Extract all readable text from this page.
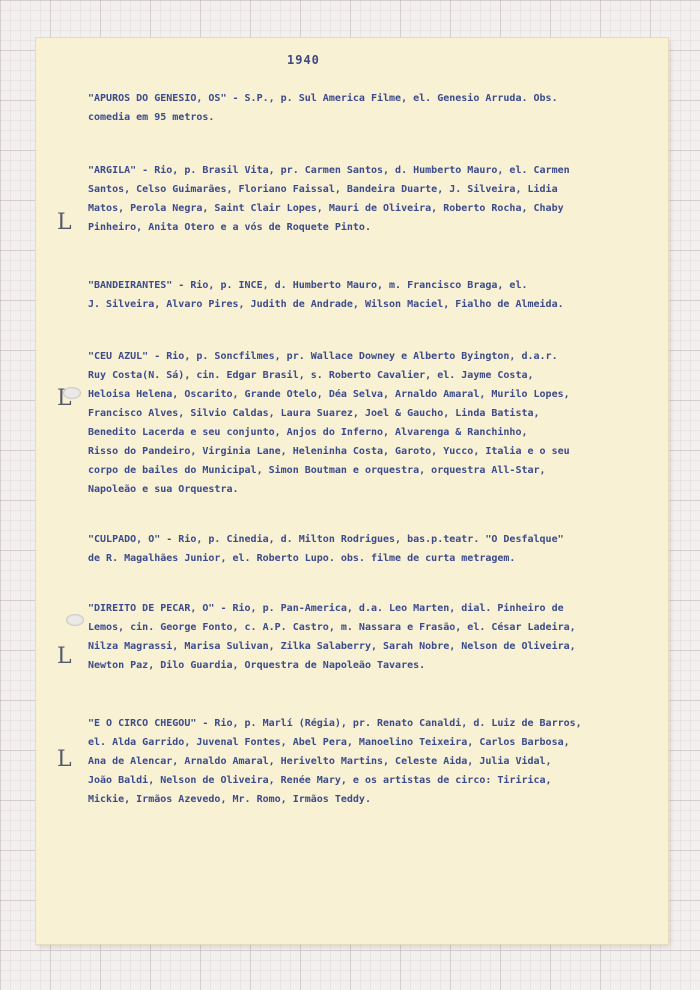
1940
"APUROS DO GENESIO, OS" - S.P., p. Sul America Filme, el. Genesio Arruda. Obs.
comedia em 95 metros.
L
"ARGILA" - Rio, p. Brasil Vita, pr. Carmen Santos, d. Humberto Mauro, el. Carmen
Santos, Celso Guimarães, Floriano Faissal, Bandeira Duarte, J. Silveira, Lidia
Matos, Perola Negra, Saint Clair Lopes, Mauri de Oliveira, Roberto Rocha, Chaby
Pinheiro, Anita Otero e a vós de Roquete Pinto.
"BANDEIRANTES" - Rio, p. INCE, d. Humberto Mauro, m. Francisco Braga, el.
J. Silveira, Alvaro Pires, Judith de Andrade, Wilson Maciel, Fialho de Almeida.
L
"CEU AZUL" - Rio, p. Soncfilmes, pr. Wallace Downey e Alberto Byington, d.a.r.
Ruy Costa(N. Sá), cin. Edgar Brasil, s. Roberto Cavalier, el. Jayme Costa,
Heloisa Helena, Oscarito, Grande Otelo, Déa Selva, Arnaldo Amaral, Murilo Lopes,
Francisco Alves, Silvio Caldas, Laura Suarez, Joel & Gaucho, Linda Batista,
Benedito Lacerda e seu conjunto, Anjos do Inferno, Alvarenga & Ranchinho,
Risso do Pandeiro, Virginia Lane, Heleninha Costa, Garoto, Yucco, Italia e o seu
corpo de bailes do Municipal, Simon Boutman e orquestra, orquestra All-Star,
Napoleão e sua Orquestra.
"CULPADO, O" - Rio, p. Cinedia, d. Milton Rodrigues, bas.p.teatr. "O Desfalque"
de R. Magalhães Junior, el. Roberto Lupo. obs. filme de curta metragem.
L
"DIREITO DE PECAR, O" - Rio, p. Pan-America, d.a. Leo Marten, dial. Pinheiro de
Lemos, cin. George Fonto, c. A.P. Castro, m. Nassara e Frasão, el. César Ladeira,
Nilza Magrassi, Marisa Sulivan, Zilka Salaberry, Sarah Nobre, Nelson de Oliveira,
Newton Paz, Dilo Guardia, Orquestra de Napoleão Tavares.
L
"E O CIRCO CHEGOU" - Rio, p. Marlí (Régia), pr. Renato Canaldi, d. Luiz de Barros,
el. Alda Garrido, Juvenal Fontes, Abel Pera, Manoelino Teixeira, Carlos Barbosa,
Ana de Alencar, Arnaldo Amaral, Herivelto Martins, Celeste Aida, Julia Vidal,
João Baldi, Nelson de Oliveira, Renée Mary, e os artistas de circo: Tiririca,
Mickie, Irmãos Azevedo, Mr. Romo, Irmãos Teddy.
